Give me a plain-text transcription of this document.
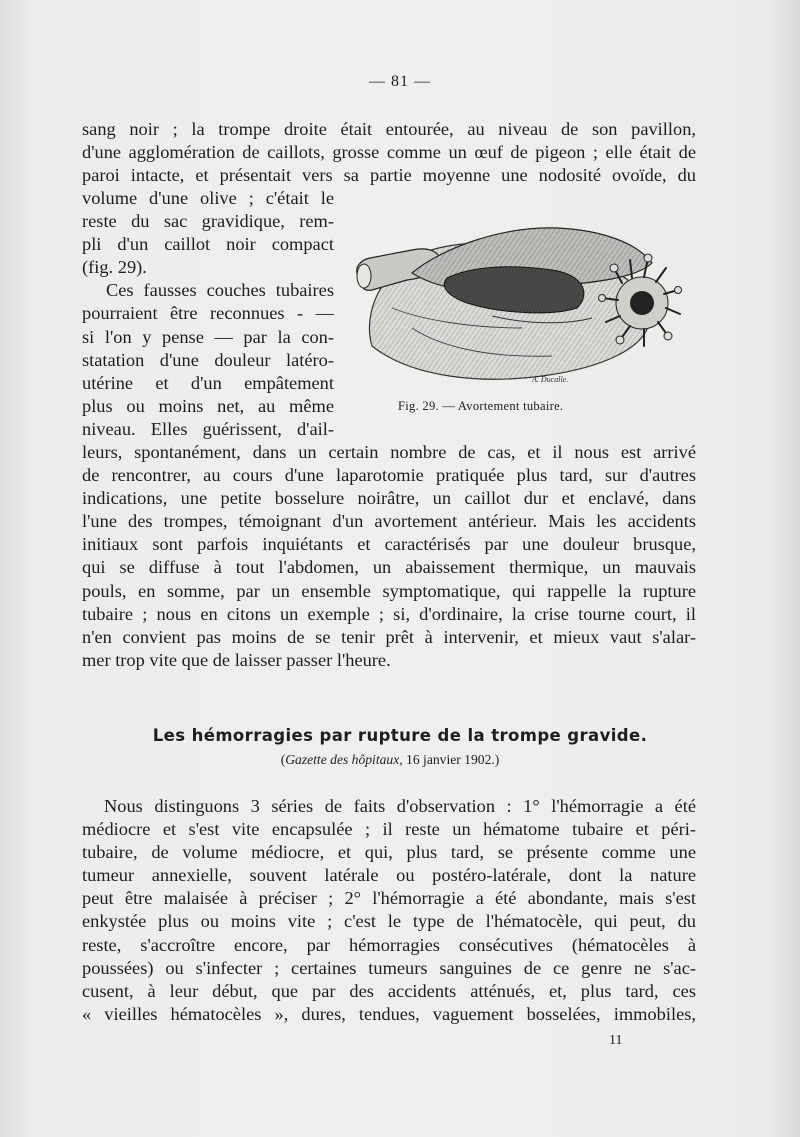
— 81 —
sang noir ; la trompe droite était entourée, au niveau de son pavillon,
d'une agglomération de caillots, grosse comme un œuf de pigeon ; elle était de
paroi intacte, et présentait vers sa partie moyenne une nodosité ovoïde, du
volume d'une olive ; c'était le
reste du sac gravidique, rem-
pli d'un caillot noir compact
(fig. 29).
Ces fausses couches tubaires
pourraient être reconnues - —
si l'on y pense — par la con-
statation d'une douleur latéro-
utérine et d'un empâtement
plus ou moins net, au même
niveau. Elles guérissent, d'ail-
A. Ducalle.
Fig. 29. — Avortement tubaire.
leurs, spontanément, dans un certain nombre de cas, et il nous est arrivé
de rencontrer, au cours d'une laparotomie pratiquée plus tard, sur d'autres
indications, une petite bosselure noirâtre, un caillot dur et enclavé, dans
l'une des trompes, témoignant d'un avortement antérieur. Mais les accidents
initiaux sont parfois inquiétants et caractérisés par une douleur brusque,
qui se diffuse à tout l'abdomen, un abaissement thermique, un mauvais
pouls, en somme, par un ensemble symptomatique, qui rappelle la rupture
tubaire ; nous en citons un exemple ; si, d'ordinaire, la crise tourne court, il
n'en convient pas moins de se tenir prêt à intervenir, et mieux vaut s'alar-
mer trop vite que de laisser passer l'heure.
Les hémorragies par rupture de la trompe gravide.
(Gazette des hôpitaux, 16 janvier 1902.)
Nous distinguons 3 séries de faits d'observation : 1° l'hémorragie a été
médiocre et s'est vite encapsulée ; il reste un hématome tubaire et péri-
tubaire, de volume médiocre, et qui, plus tard, se présente comme une
tumeur annexielle, souvent latérale ou postéro-latérale, dont la nature
peut être malaisée à préciser ; 2° l'hémorragie a été abondante, mais s'est
enkystée plus ou moins vite ; c'est le type de l'hématocèle, qui peut, du
reste, s'accroître encore, par hémorragies consécutives (hématocèles à
poussées) ou s'infecter ; certaines tumeurs sanguines de ce genre ne s'ac-
cusent, à leur début, que par des accidents atténués, et, plus tard, ces
« vieilles hématocèles », dures, tendues, vaguement bosselées, immobiles,
11
